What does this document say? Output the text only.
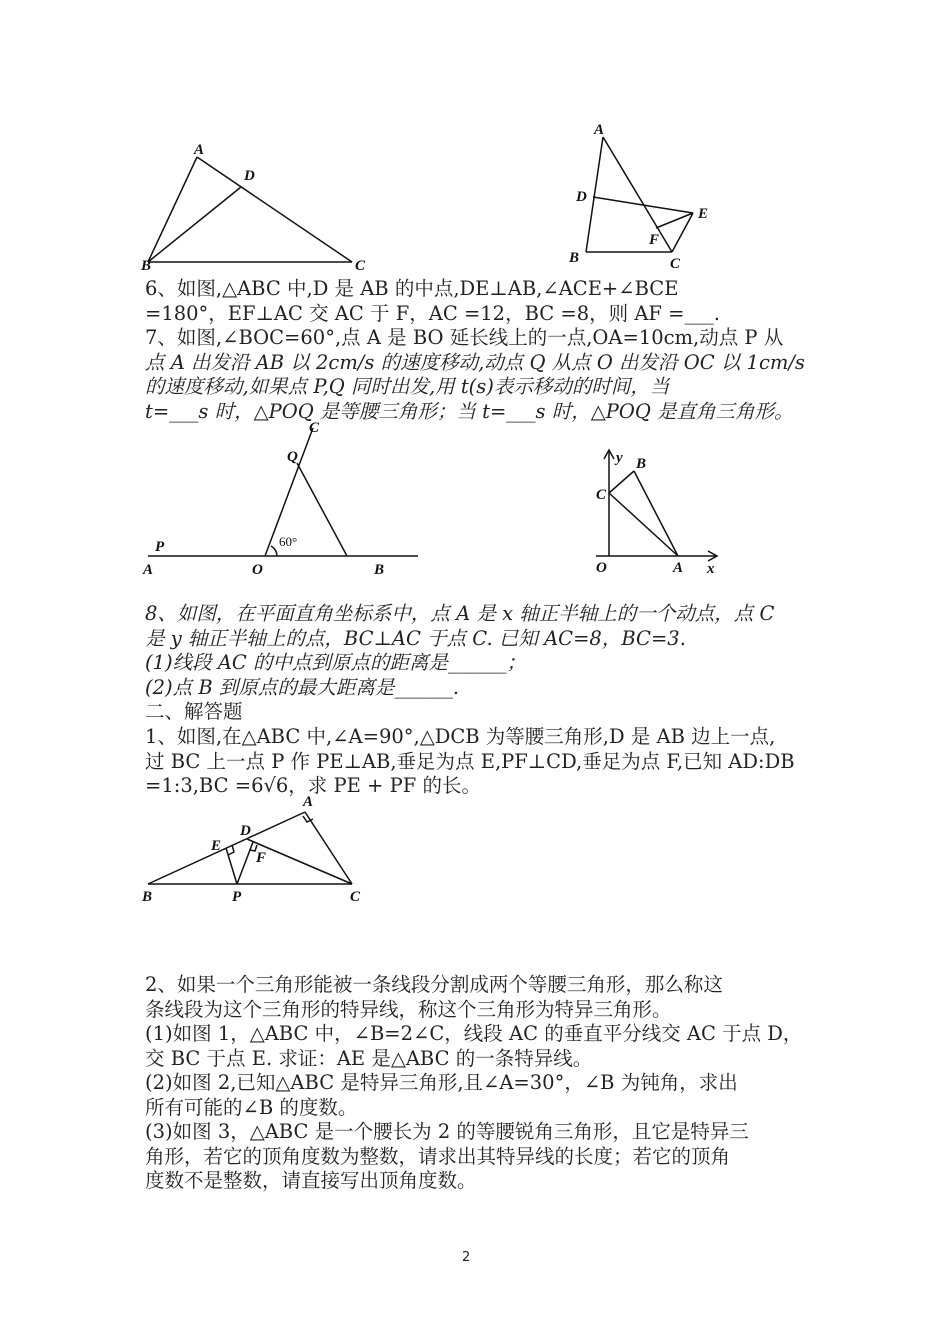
A
B	C
D
A
B	C
D
E
F
P
A	O	B
Q
C
60°
y
x
O	A
B
C
A
B	C
D
E
F
P
6、如图,△ABC 中,D 是 AB 的中点,DE⊥AB,∠ACE+∠BCE
=180°，EF⊥AC 交 AC 于 F，AC =12，BC =8，则 AF =___.
7、如图,∠BOC=60°,点 A 是 BO 延长线上的一点,OA=10cm,动点 P 从
点 A 出发沿 AB 以 2cm/s 的速度移动,动点 Q 从点 O 出发沿 OC 以 1cm/s
的速度移动,如果点 P,Q 同时出发,用 t(s)表示移动的时间，当
t=___s 时，△POQ 是等腰三角形；当 t=___s 时，△POQ 是直角三角形。
8、如图，在平面直角坐标系中，点 A 是 x 轴正半轴上的一个动点，点 C
是 y 轴正半轴上的点，BC⊥AC 于点 C. 已知 AC=8，BC=3.
(1)线段 AC 的中点到原点的距离是______；
(2)点 B 到原点的最大距离是______.
二、解答题
1、如图,在△ABC 中,∠A=90°,△DCB 为等腰三角形,D 是 AB 边上一点,
过 BC 上一点 P 作 PE⊥AB,垂足为点 E,PF⊥CD,垂足为点 F,已知 AD:DB
=1:3,BC =6√6，求 PE + PF 的长。
2、如果一个三角形能被一条线段分割成两个等腰三角形，那么称这
条线段为这个三角形的特异线，称这个三角形为特异三角形。
(1)如图 1，△ABC 中，∠B=2∠C，线段 AC 的垂直平分线交 AC 于点 D，
交 BC 于点 E. 求证：AE 是△ABC 的一条特异线。
(2)如图 2,已知△ABC 是特异三角形,且∠A=30°，∠B 为钝角，求出
所有可能的∠B 的度数。
(3)如图 3，△ABC 是一个腰长为 2 的等腰锐角三角形，且它是特异三
角形，若它的顶角度数为整数，请求出其特异线的长度；若它的顶角
度数不是整数，请直接写出顶角度数。
2
